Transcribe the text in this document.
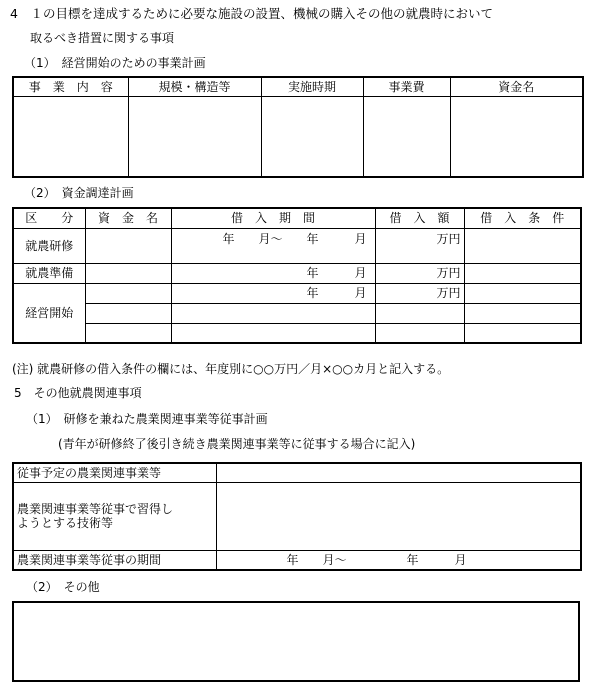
4　１の目標を達成するために必要な施設の設置、機械の購入その他の就農時において
取るべき措置に関する事項
（1）　経営開始のための事業計画
事　業　内　容	規模・構造等	実施時期	事業費	資金名

（2）　資金調達計画
区　　分	資　金　名	借　入　期　間	借　入　額	借　入　条　件
就農研修		年　　月～　　年　　　月	万円	
就農準備		年　　　月	万円	
経営開始		年　　　月	万円	

(注) 就農研修の借入条件の欄には、年度別に○○万円／月×○○カ月と記入する。
5　その他就農関連事項
（1）　研修を兼ねた農業関連事業等従事計画
(青年が研修終了後引き続き農業関連事業等に従事する場合に記入)
従事予定の農業関連事業等	

農業関連事業等従事で習得し
ようとする技術等	

農業関連事業等従事の期間	年　　月～　　　　　年　　　月
（2）　その他
